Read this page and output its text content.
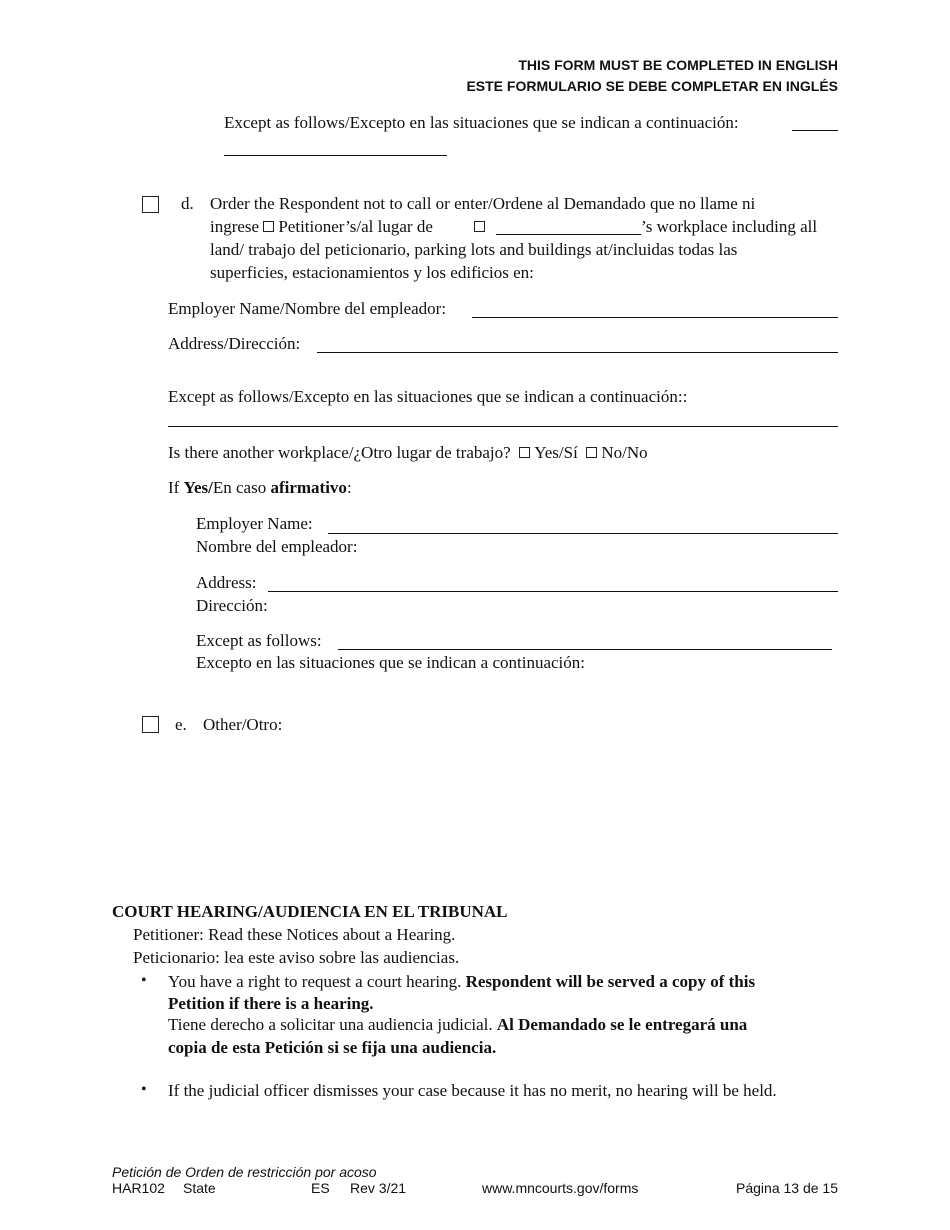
THIS FORM MUST BE COMPLETED IN ENGLISH
ESTE FORMULARIO SE DEBE COMPLETAR EN INGLÉS
Except as follows/Excepto en las situaciones que se indican a continuación:
d. Order the Respondent not to call or enter/Ordene al Demandado que no llame ni
ingrese Petitioner’s/al lugar de	’s workplace including all
land/ trabajo del peticionario, parking lots and buildings at/incluidas todas las
superficies, estacionamientos y los edificios en:
Employer Name/Nombre del empleador:
Address/Dirección:
Except as follows/Excepto en las situaciones que se indican a continuación::
Is there another workplace/¿Otro lugar de trabajo? Yes/Sí No/No
If Yes/En caso afirmativo:
Employer Name:
Nombre del empleador:
Address:
Dirección:
Except as follows:
Excepto en las situaciones que se indican a continuación:
e. Other/Otro:
COURT HEARING/AUDIENCIA EN EL TRIBUNAL
Petitioner: Read these Notices about a Hearing.
Peticionario: lea este aviso sobre las audiencias.
• You have a right to request a court hearing. Respondent will be served a copy of this
Petition if there is a hearing.
Tiene derecho a solicitar una audiencia judicial. Al Demandado se le entregará una
copia de esta Petición si se fija una audiencia.
• If the judicial officer dismisses your case because it has no merit, no hearing will be held.
Petición de Orden de restricción por acoso
HAR102 State	ES Rev 3/21	www.mncourts.gov/forms	Página 13 de 15
